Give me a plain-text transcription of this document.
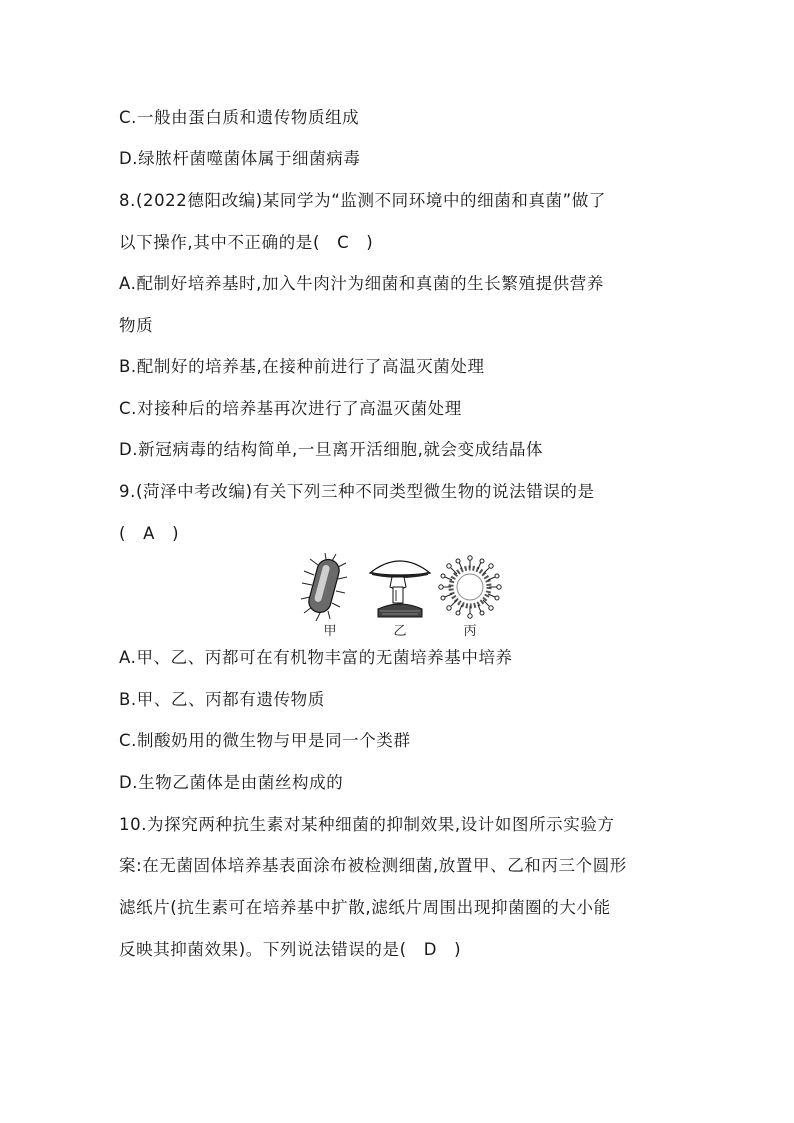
C.一般由蛋白质和遗传物质组成
D.绿脓杆菌噬菌体属于细菌病毒
8.(2022德阳改编)某同学为“监测不同环境中的细菌和真菌”做了
以下操作,其中不正确的是(　C　)
A.配制好培养基时,加入牛肉汁为细菌和真菌的生长繁殖提供营养
物质
B.配制好的培养基,在接种前进行了高温灭菌处理
C.对接种后的培养基再次进行了高温灭菌处理
D.新冠病毒的结构简单,一旦离开活细胞,就会变成结晶体
9.(菏泽中考改编)有关下列三种不同类型微生物的说法错误的是
(　A　)
甲	乙	丙
A.甲、乙、丙都可在有机物丰富的无菌培养基中培养
B.甲、乙、丙都有遗传物质
C.制酸奶用的微生物与甲是同一个类群
D.生物乙菌体是由菌丝构成的
10.为探究两种抗生素对某种细菌的抑制效果,设计如图所示实验方
案:在无菌固体培养基表面涂布被检测细菌,放置甲、乙和丙三个圆形
滤纸片(抗生素可在培养基中扩散,滤纸片周围出现抑菌圈的大小能
反映其抑菌效果)。下列说法错误的是(　D　)
